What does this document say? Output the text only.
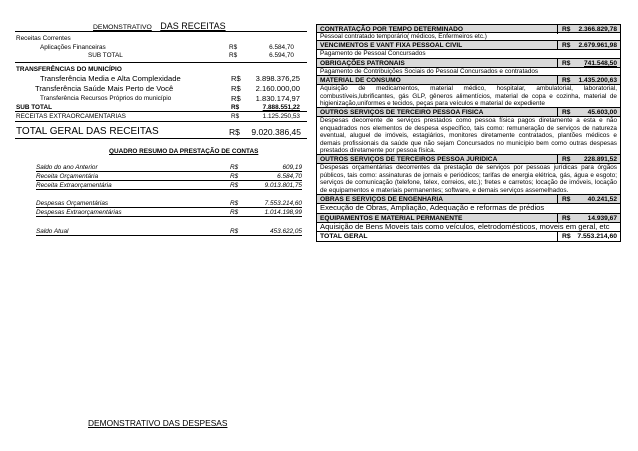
DEMONSTRATIVO DAS RECEITAS
Receitas Correntes
Aplicações Financeiras	R$	6.584,70
SUB TOTAL	R$	6.594,70
TRANSFERÊNCIAS DO MUNICÍPIO
Transferência Media e Alta Complexidade	R$	3.898.376,25
Transferência Saúde Mais Perto de Você	R$	2.160.000,00
Transferência Recursos Próprios do município	R$	1.830.174,97
SUB TOTAL	R$	7.888.551,22
RECEITAS EXTRAORCAMENTARIAS	R$	1.125.250,53
TOTAL GERAL DAS RECEITAS	R$	9.020.386,45
QUADRO RESUMO DA PRESTAÇÃO DE CONTAS
Saldo do ano Anterior	R$	609,19
Receita Orçamentária	R$	6.584,70
Receita Extraorçamentária	R$	9.013.801,75
Despesas Orçamentárias	R$	7.553.214,60
Despesas Extraorçamentárias	R$	1.014.198,99
Saldo Atual	R$	453.622,05
DEMONSTRATIVO DAS DESPESAS
CONTRATAÇÃO POR TEMPO DETERMINADO	R$ 2.366.829,78
Pessoal contratado temporário( médicos, Enfermeiros etc.)
VENCIMENTOS E VANT FIXA PESSOAL CIVIL	R$ 2.679.961,98
Pagamento de Pessoal Concursados
OBRIGAÇÕES PATRONAIS	R$ 741.548,50
Pagamento de Contribuições Sociais do Pessoal Concursados e contratados
MATERIAL DE CONSUMO	R$ 1.435.200,63
Aquisição de medicamentos, material médico, hospitalar, ambulatorial, laboratorial, combustíveis,lubrificantes, gás GLP, gêneros alimentícios, material de copa e cozinha, material de higienização,uniformes e tecidos, peças para veículos e material de expediente
OUTROS SERVIÇOS DE TERCEIRO PESSOA FISICA	R$	45.603,00
Despesas decorrente de serviços prestados como pessoa física pagos diretamente a esta e não enquadrados nos elementos de despesa específico, tais como: remuneração de serviços de natureza eventual, aluguel de imóveis, estagiários, monitores diretamente contratados, plantões médicos e demais profissionais da saúde que não sejam Concursados no município bem como outras despesas prestados diretamente por pessoa física.
OUTROS SERVIÇOS DE TERCEIROS PESSOA JURIDICA	R$ 228.891,52
Despesas orçamentárias decorrentes da prestação de serviços por pessoas jurídicas para órgãos públicos, tais como: assinaturas de jornais e periódicos; tarifas de energia elétrica, gás, água e esgoto; serviços de comunicação (telefone, telex, correios, etc.); fretes e carretos; locação de imóveis, locação de equipamentos e materiais permanentes; software, e demais serviços assemelhados.
OBRAS E SERVIÇOS DE ENGENHARIA	R$	40.241,52
Execução de Obras, Ampliação, Adequação e reformas de prédios
EQUIPAMENTOS E MATERIAL PERMANENTE	R$	14.939,67
Aquisição de Bens Moveis tais como veículos, eletrodomésticos, moveis em geral, etc
TOTAL GERAL	R$ 7.553.214,60
